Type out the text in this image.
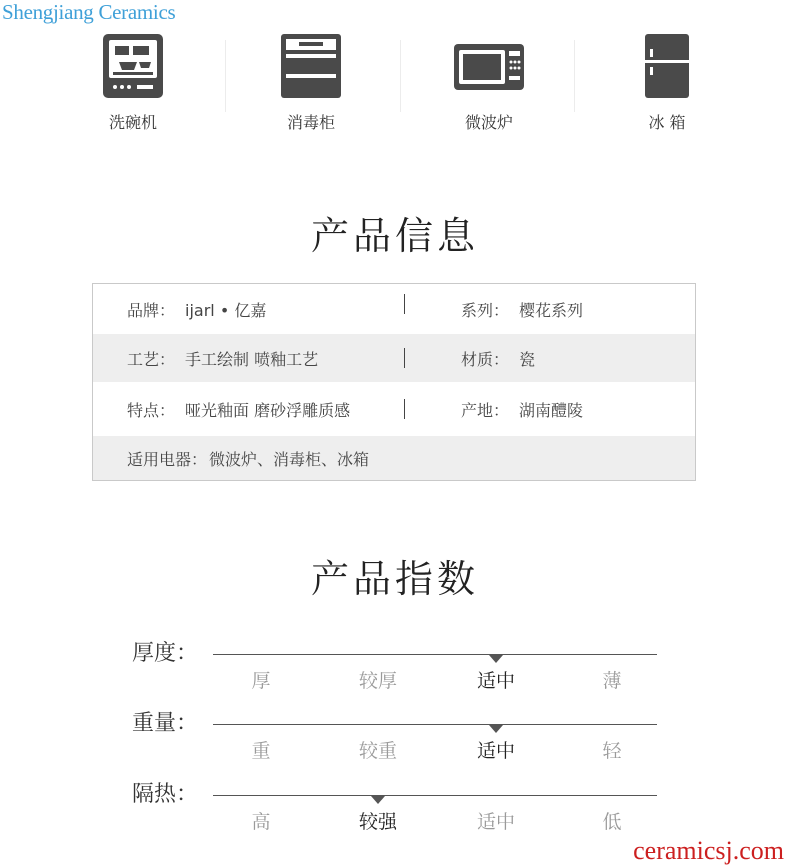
Shengjiang Ceramics
洗碗机	消毒柜	微波炉	冰 箱
产品信息
品牌： ijarl • 亿嘉	系列： 樱花系列
工艺： 手工绘制 喷釉工艺	材质： 瓷
特点： 哑光釉面 磨砂浮雕质感	产地： 湖南醴陵
适用电器： 微波炉、消毒柜、冰箱
产品指数
厚度：
厚	较厚	适中	薄
重量：
重	较重	适中	轻
隔热：
高	较强	适中	低
ceramicsj.com
